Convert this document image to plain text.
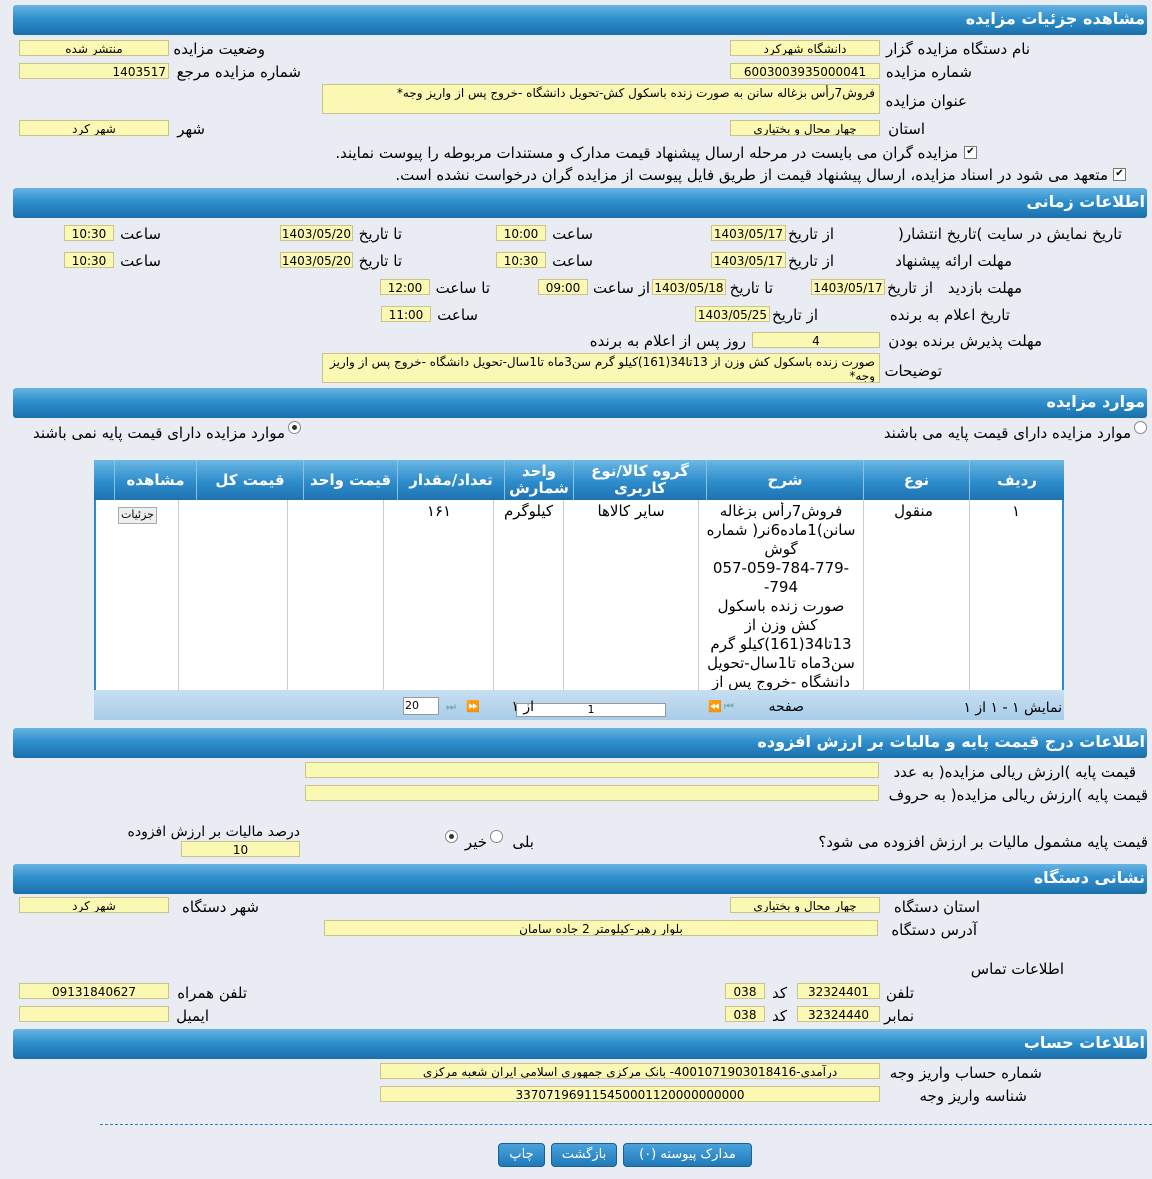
مشاهده جزئیات مزایده
نام دستگاه مزایده گزار
دانشگاه شهرکرد
وضعیت مزایده
منتشر شده
شماره مزایده
6003003935000041
شماره مزایده مرجع
1403517
عنوان مزایده
فروش7رأس بزغاله سانن به صورت زنده باسکول کش-تحویل دانشگاه -خروج پس از واریز وجه*
استان
چهار محال و بختیاری
شهر
شهر کرد
✔
مزایده گران می بایست در مرحله ارسال پیشنهاد قیمت مدارک و مستندات مربوطه را پیوست نمایند.
✔
متعهد می شود در اسناد مزایده، ارسال پیشنهاد قیمت از طریق فایل پیوست از مزایده گران درخواست نشده است.
اطلاعات زمانی
تاریخ نمایش در سایت )تاریخ انتشار(
از تاریخ
1403/05/17
ساعت
10:00
تا تاریخ
1403/05/20
ساعت
10:30
مهلت ارائه پیشنهاد
از تاریخ
1403/05/17
ساعت
10:30
تا تاریخ
1403/05/20
ساعت
10:30
مهلت بازدید
از تاریخ
1403/05/17
تا تاریخ
1403/05/18
از ساعت
09:00
تا ساعت
12:00
تاریخ اعلام به برنده
از تاریخ
1403/05/25
ساعت
11:00
مهلت پذیرش برنده بودن
4
روز پس از اعلام به برنده
توضیحات
صورت زنده باسکول کش وزن از 13تا34(161)کیلو گرم سن3ماه تا1سال-تحویل دانشگاه -خروج پس از واریز وجه*
موارد مزایده
موارد مزایده دارای قیمت پایه می باشند
موارد مزایده دارای قیمت پایه نمی باشند
ردیف
نوع
شرح
گروه کالا/نوع کاربری
واحد شمارش
تعداد/مقدار
قیمت واحد
قیمت کل
مشاهده
۱
منقول
فروش7رأس بزغاله
سانن)1ماده6نر( شماره
گوش
057-059-784-779-794-
صورت زنده باسکول
کش وزن از
13تا34(161)کیلو گرم
سن3ماه تا1سال-تحویل
دانشگاه -خروج پس از
سایر کالاها
کیلوگرم
۱۶۱
جزئیات
نمایش ۱ - ۱ از ۱
⏮
⏪	صفحه
1
از ۱
⏩
⏭
20
اطلاعات درج قیمت پایه و مالیات بر ارزش افزوده
قیمت پایه )ارزش ریالی مزایده( به عدد
قیمت پایه )ارزش ریالی مزایده( به حروف
قیمت پایه مشمول مالیات بر ارزش افزوده می شود؟
بلی
خیر
درصد مالیات بر ارزش افزوده
10
نشانی دستگاه
استان دستگاه
چهار محال و بختیاری
شهر دستگاه
شهر کرد
آدرس دستگاه
بلوار رهبر-کیلومتر 2 جاده سامان
اطلاعات تماس
تلفن
32324401
کد
038
تلفن همراه
09131840627
نمابر
32324440
کد
038
ایمیل
اطلاعات حساب
شماره حساب واریز وجه
درآمدی-4001071903018416- بانک مرکزی جمهوری اسلامی ایران شعبه مرکزی
شناسه واریز وجه
337071969115450001120000000000
مدارک پیوسته (۰)
بازگشت
چاپ
